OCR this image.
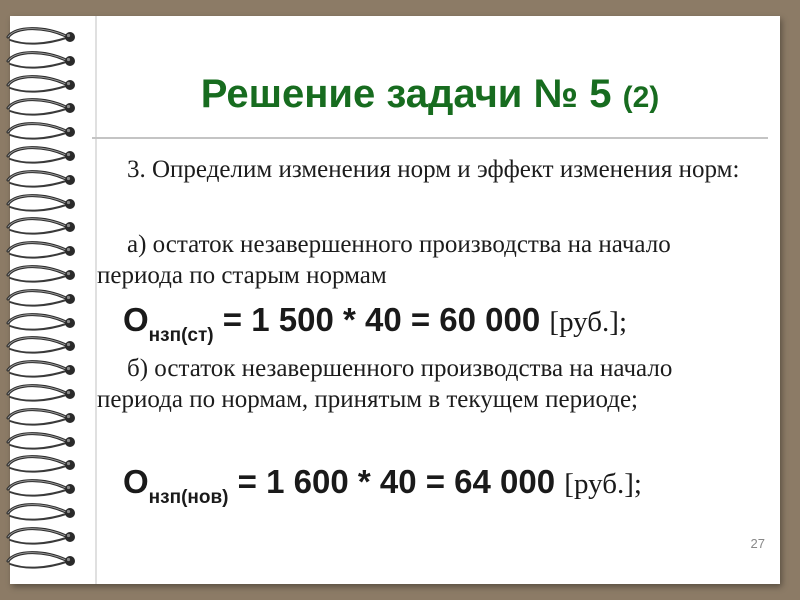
Решение задачи № 5 (2)
3. Определим изменения норм и эффект изменения норм:
а) остаток незавершенного производства на начало периода по старым нормам
$О_{нзп(ст)} = 1$ 500 * 40 = 60 000 [руб.];
б) остаток незавершенного производства на начало периода по нормам, принятым в текущем периоде;
$О_{нзп(нов)} = 1$ 600 * 40 = 64 000 [руб.];
27
